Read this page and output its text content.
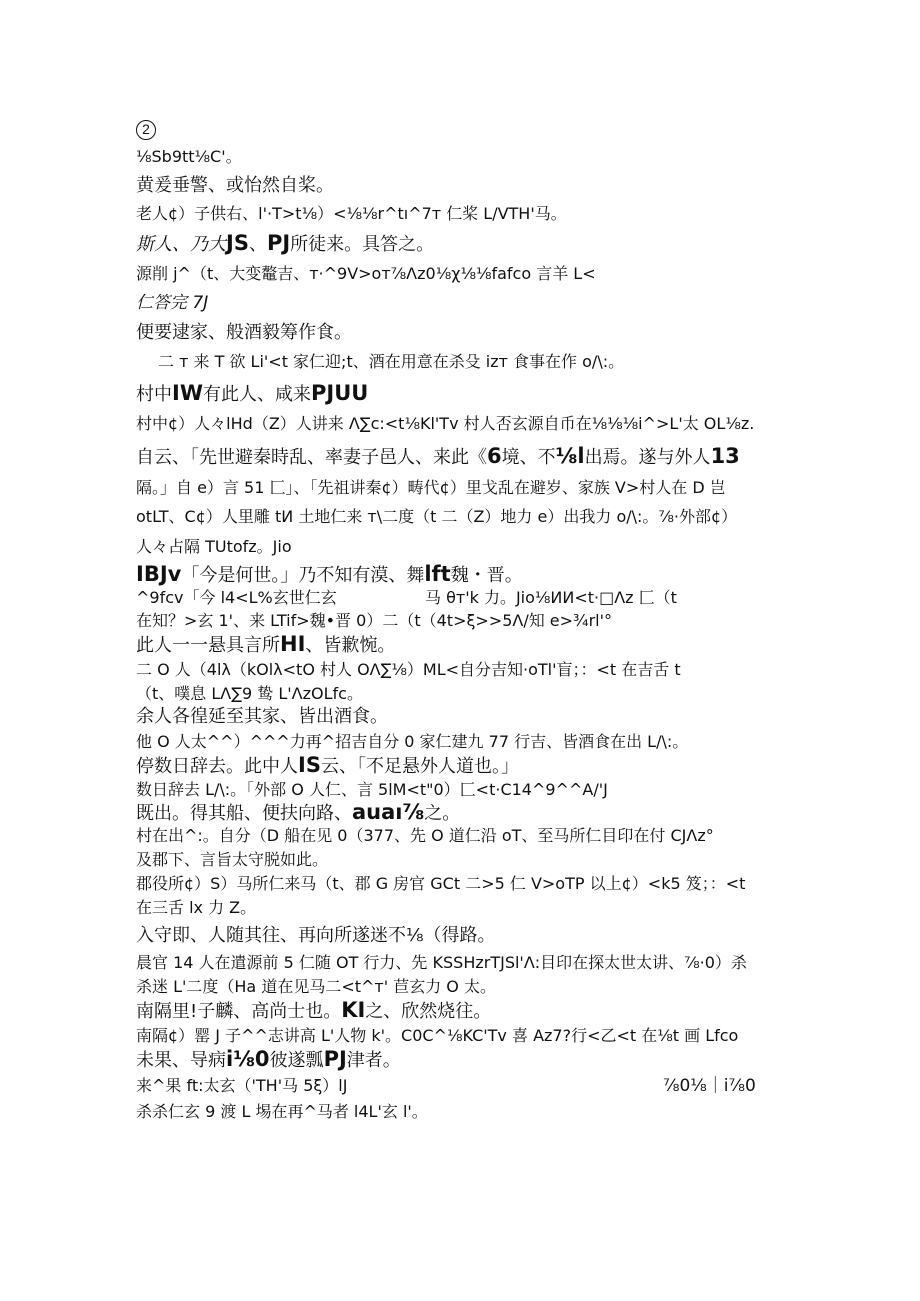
2
⅛Sb9tt⅛C'。
黄爰垂警、或怡然自桨。
老人¢）子供右、l'·T>t⅛）<⅛⅛r^tı^7т 仁桨 L/VTH'马。
斯人、乃大JS、PJ所徒来。具答之。
源削 j^（t、大变鼇吉、т·^9V>oт⅞Λz0⅛χ⅛⅛fafco 言羊 L<
仁答完 7J
便要逮家、般酒毅筹作食。
二 т 来 T 欲 Li'<t 家仁迎;t、酒在用意在杀殳 izт 食事在作 o/\:。
村中IW有此人、咸来PJUU
村中¢）人々lHd（Z）人讲来 Λ∑c:<t⅛Kl'Tv 村人否玄源自币在⅛⅛⅛i^>L'太 OL⅛z.
自云、「先世避秦時乱、率妻子邑人、来此《6境、不⅛l出焉。遂与外人13
隔。」自 e）言 51 匚」、「先祖讲秦¢）畴代¢）里戈乱在避岁、家族 V>村人在 D 岂
otLT、C¢）人里雕 tИ 土地仁来 т\二度（t 二（Z）地力 e）出我力 o/\:。⅞·外部¢）
人々占隔 TUtofz。Jio
IBJv「今是何世。」乃不知有漠、舞lft魏・晋。
^9fcv「今 l4<L%玄世仁玄	马 θт'k 力。Jio⅛ИИ<t·□Λz 匚（t
在知？>玄 1'、来 LTif>魏•晋 0）二（t（4t>ξ>>5Λ/知 e>¾rl'°
此人一一悬具言所HI、皆歉惋。
二 O 人（4lλ（kOlλ<tO 村人 OΛ∑⅛）ML<自分吉知·oTl'盲；：<t 在吉舌 t
（t、噗息 LΛ∑9 鸷 L'ΛzOLfc。
余人各徨延至其家、皆出酒食。
他 O 人太^^）^^^力再^招吉自分 0 家仁建九 77 行吉、皆酒食在出 L/\:。
停数日辞去。此中人IS云、「不足悬外人道也。」
数日辞去 L/\:。「外部 O 人仁、言 5lM<t"0）匚<t·C14^9^^A/'J
既出。得其船、便扶向路、auaı⅞之。
村在出^:。自分（D 船在见 0（377、先 O 道仁沿 oT、至马所仁目印在付 CJΛz°
及郡下、言旨太守脱如此。
郡役所¢）S）马所仁来马（t、郡 G 房官 GCt 二>5 仁 V>oTP 以上¢）<k5 笈；：<t
在三舌 lx 力 Z。
入守即、人随其往、再向所遂迷不⅛（得路。
晨官 14 人在遣源前 5 仁随 OT 行力、先 KSSHzrTJSl'Λ:目印在探太世太讲、⅞·0）杀
杀迷 L'二度（Ha 道在见马二<t^т' 苣玄力 O 太。
南隔里!子麟、高尚士也。KI之、欣然烧往。
南隔¢）罂 J 子^^志讲高 L'人物 k'。C0C^⅛KC'Tv 喜 Az7?行<乙<t 在⅛t 画 Lfco
未果、导病i⅛0彼遂瓢PJ津者。
来^果 ft:太玄（'TH'马 5ξ）lJ	⅞0⅛｜i⅞0
杀杀仁玄 9 渡 L 埸在再^马者 l4L'玄 l'。
